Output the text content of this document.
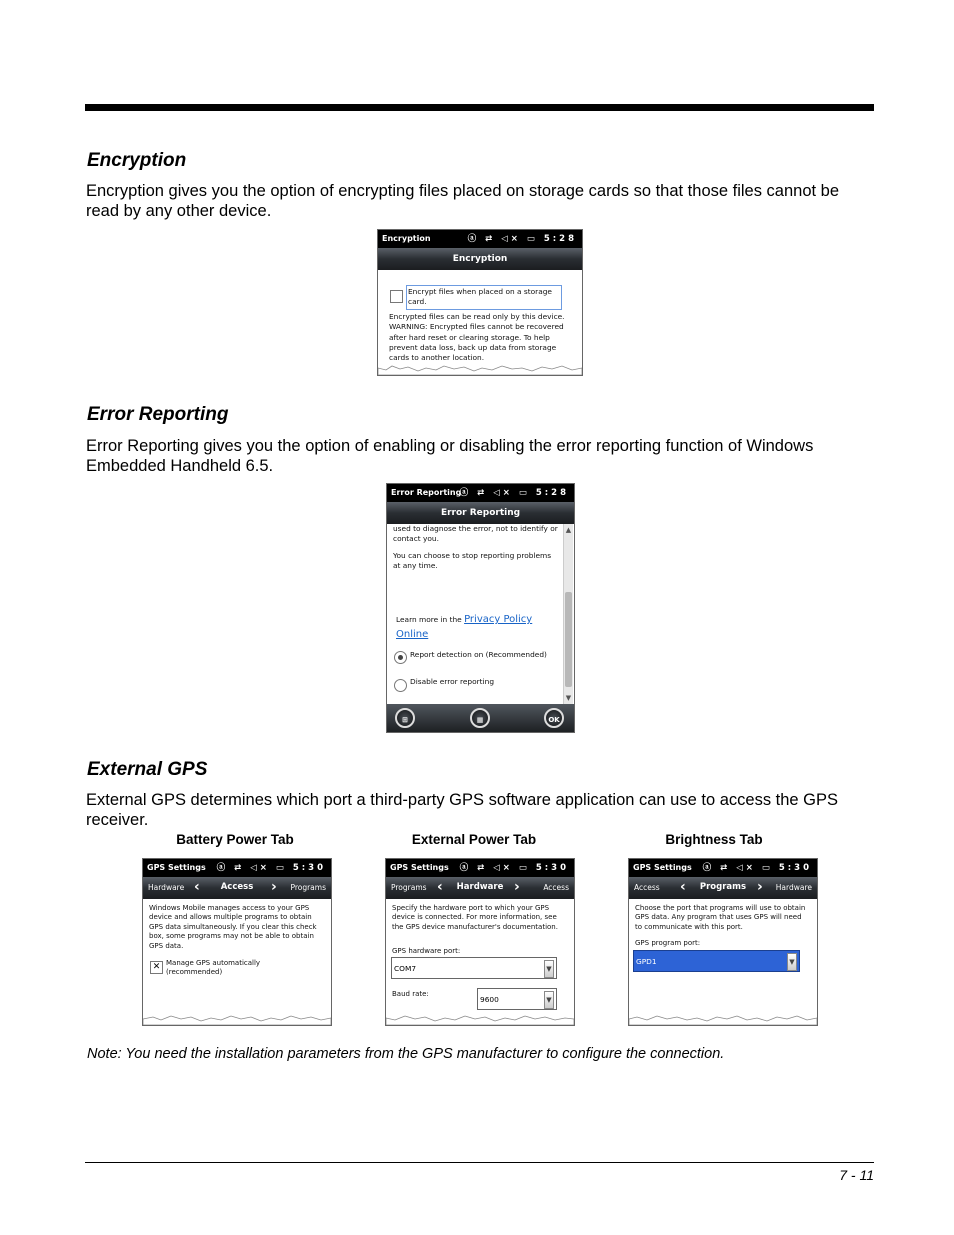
Encryption
Encryption gives you the option of encrypting files placed on storage cards so that those files cannot be read by any other device.
Encryption	ⓐ ⇄ ◁× ▭ 5:28
Encryption
Encrypt files when placed on a storage card.
Encrypted files can be read only by this device. WARNING: Encrypted files cannot be recovered after hard reset or clearing storage. To help prevent data loss, back up data from storage cards to another location.
Error Reporting
Error Reporting gives you the option of enabling or disabling the error reporting function of Windows Embedded Handheld 6.5.
Error Reporting
ⓐ ⇄ ◁× ▭ 5:28
Error Reporting
used to diagnose the error, not to identify or contact you.
You can choose to stop reporting problems at any time.
Learn more in the Privacy Policy
Online
Report detection on (Recommended)
Disable error reporting
▲
▼
⊞	▦	OK
External GPS
External GPS determines which port a third-party GPS software application can use to access the GPS receiver.
Battery Power Tab	External Power Tab	Brightness Tab
GPS Settings ⓐ ⇄ ◁× ▭ 5:30
Hardware ‹	Access	› Programs
Windows Mobile manages access to your GPS device and allows multiple programs to obtain GPS data simultaneously. If you clear this check box, some programs may not be able to obtain GPS data.
✕ Manage GPS automatically (recommended)
GPS Settings ⓐ ⇄ ◁× ▭ 5:30
Programs ‹	Hardware ›	Access
Specify the hardware port to which your GPS device is connected. For more information, see the GPS device manufacturer's documentation.
GPS hardware port:
COM7	▼
Baud rate:
9600	▼
GPS Settings ⓐ ⇄ ◁× ▭ 5:30
Access ‹	Programs › Hardware
Choose the port that programs will use to obtain GPS data. Any program that uses GPS will need to communicate with this port.
GPS program port:
GPD1	▼
Note: You need the installation parameters from the GPS manufacturer to configure the connection.
7 - 11
